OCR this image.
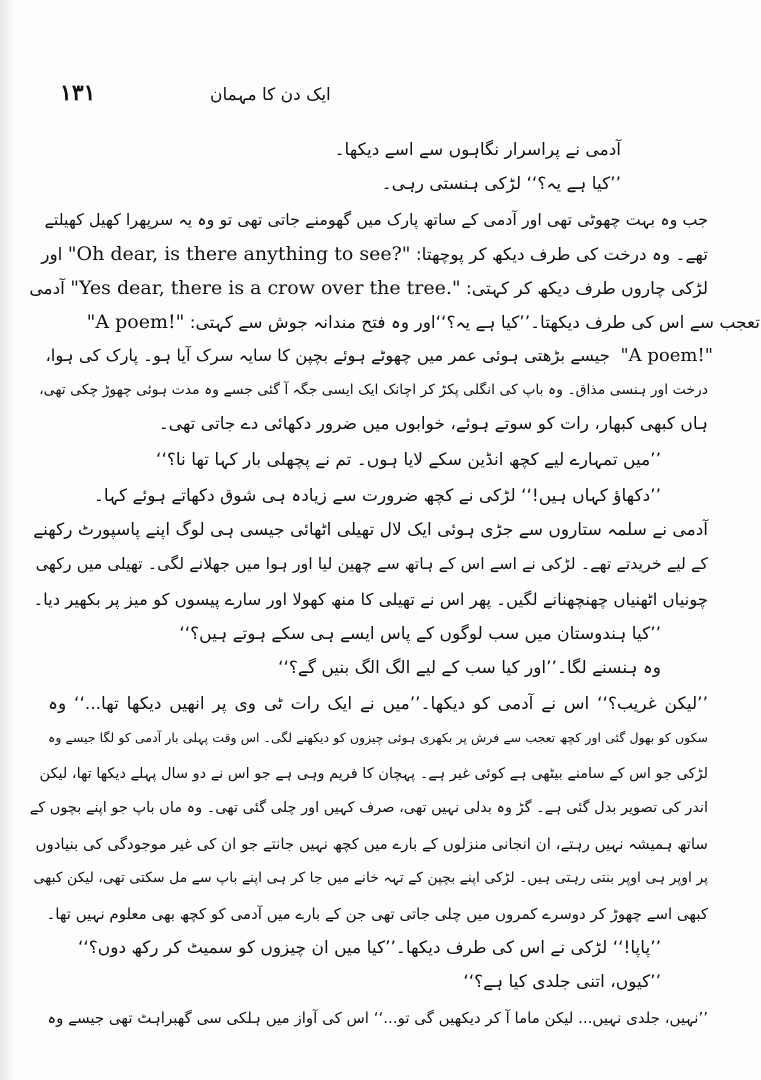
۱۳۱	ایک دن کا مہمان
آدمی نے پراسرار نگاہوں سے اسے دیکھا۔
’’کیا ہے یہ؟‘‘ لڑکی ہنستی رہی۔
جب وہ بہت چھوٹی تھی اور آدمی کے ساتھ پارک میں گھومنے جاتی تھی تو وہ یہ سرپھرا کھیل کھیلتے
تھے۔ وہ درخت کی طرف دیکھ کر پوچھتا: "Oh dear, is there anything to see?" اور
لڑکی چاروں طرف دیکھ کر کہتی: "Yes dear, there is a crow over the tree." آدمی
تعجب سے اس کی طرف دیکھتا۔’’کیا ہے یہ؟‘‘اور وہ فتح مندانہ جوش سے کہتی: "A poem!"
"A poem!"  جیسے بڑھتی ہوئی عمر میں چھوٹے ہوئے بچپن کا سایہ سرک آیا ہو۔ پارک کی ہوا،
درخت اور ہنسی مذاق۔ وہ باپ کی انگلی پکڑ کر اچانک ایک ایسی جگہ آ گئی جسے وہ مدت ہوئی چھوڑ چکی تھی،
ہاں کبھی کبھار، رات کو سوتے ہوئے، خوابوں میں ضرور دکھائی دے جاتی تھی۔
’’میں تمہارے لیے کچھ انڈین سکے لایا ہوں۔ تم نے پچھلی بار کہا تھا نا؟‘‘
’’دکھاؤ کہاں ہیں!‘‘ لڑکی نے کچھ ضرورت سے زیادہ ہی شوق دکھاتے ہوئے کہا۔
آدمی نے سلمہ ستاروں سے جڑی ہوئی ایک لال تھیلی اٹھائی جیسی ہی لوگ اپنے پاسپورٹ رکھنے
کے لیے خریدتے تھے۔ لڑکی نے اسے اس کے ہاتھ سے چھین لیا اور ہوا میں جھلانے لگی۔ تھیلی میں رکھی
چونیاں اٹھنیاں چھنچھنانے لگیں۔ پھر اس نے تھیلی کا منھ کھولا اور سارے پیسوں کو میز پر بکھیر دیا۔
’’کیا ہندوستان میں سب لوگوں کے پاس ایسے ہی سکے ہوتے ہیں؟‘‘
وہ ہنسنے لگا۔’’اور کیا سب کے لیے الگ الگ بنیں گے؟‘‘
’’لیکن غریب؟‘‘ اس نے آدمی کو دیکھا۔’’میں نے ایک رات ٹی وی پر انھیں دیکھا تھا...‘‘ وہ
سکوں کو بھول گئی اور کچھ تعجب سے فرش پر بکھری ہوئی چیزوں کو دیکھنے لگی۔ اس وقت پہلی بار آدمی کو لگا جیسے وہ
لڑکی جو اس کے سامنے بیٹھی ہے کوئی غیر ہے۔ پہچان کا فریم وہی ہے جو اس نے دو سال پہلے دیکھا تھا، لیکن
اندر کی تصویر بدل گئی ہے۔ گڑ وہ بدلی نہیں تھی، صرف کہیں اور چلی گئی تھی۔ وہ ماں باپ جو اپنے بچوں کے
ساتھ ہمیشہ نہیں رہتے، ان انجانی منزلوں کے بارے میں کچھ نہیں جانتے جو ان کی غیر موجودگی کی بنیادوں
پر اوپر ہی اوپر بنتی رہتی ہیں۔ لڑکی اپنے بچپن کے تہہ خانے میں جا کر ہی اپنے باپ سے مل سکتی تھی، لیکن کبھی
کبھی اسے چھوڑ کر دوسرے کمروں میں چلی جاتی تھی جن کے بارے میں آدمی کو کچھ بھی معلوم نہیں تھا۔
’’پاپا!‘‘ لڑکی نے اس کی طرف دیکھا۔’’کیا میں ان چیزوں کو سمیٹ کر رکھ دوں؟‘‘
’’کیوں، اتنی جلدی کیا ہے؟‘‘
’’نہیں، جلدی نہیں... لیکن ماما آ کر دیکھیں گی تو...‘‘ اس کی آواز میں ہلکی سی گھبراہٹ تھی جیسے وہ
